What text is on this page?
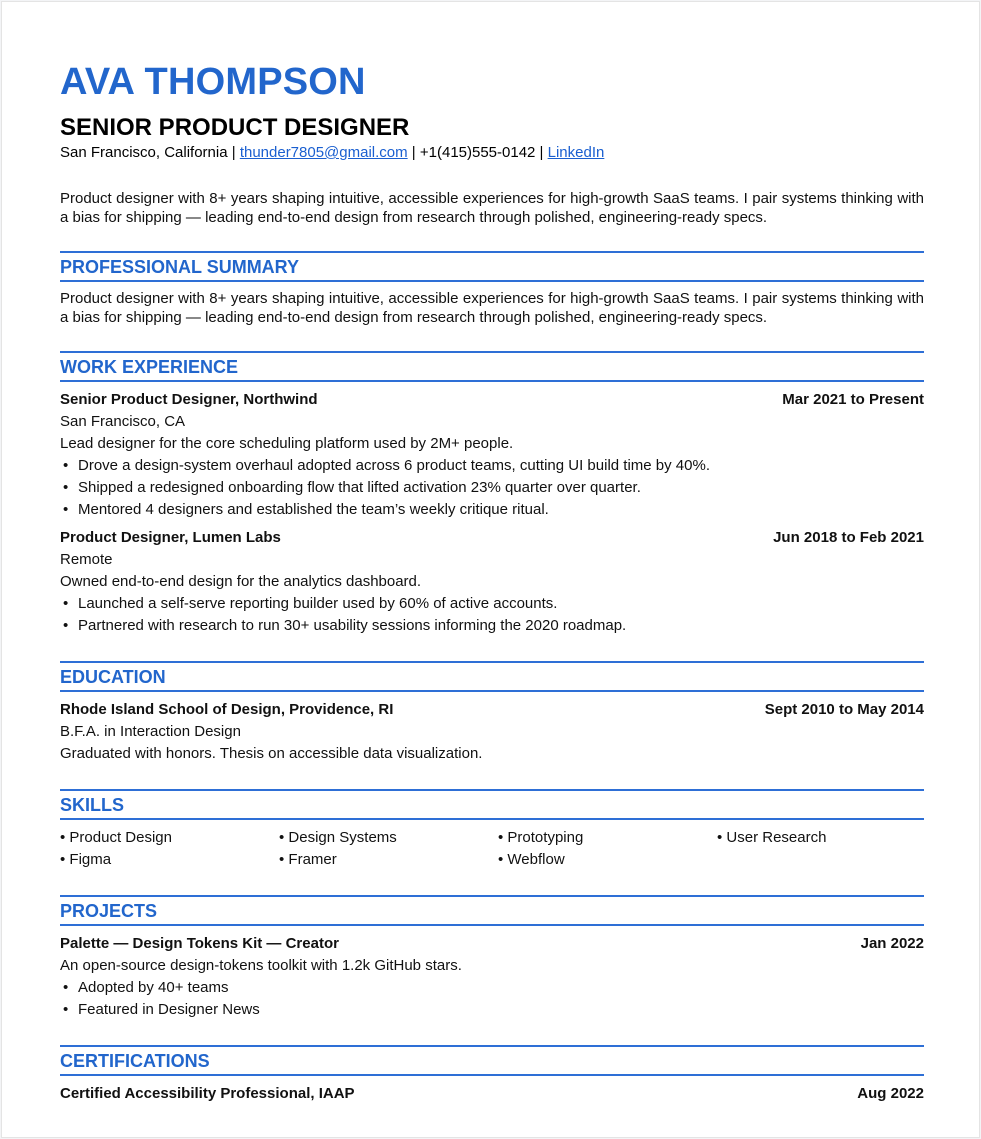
AVA THOMPSON
SENIOR PRODUCT DESIGNER
San Francisco, California | thunder7805@gmail.com | +1(415)555-0142 | LinkedIn
Product designer with 8+ years shaping intuitive, accessible experiences for high-growth SaaS teams. I pair systems thinking with a bias for shipping — leading end-to-end design from research through polished, engineering-ready specs.
PROFESSIONAL SUMMARY
Product designer with 8+ years shaping intuitive, accessible experiences for high-growth SaaS teams. I pair systems thinking with a bias for shipping — leading end-to-end design from research through polished, engineering-ready specs.
WORK EXPERIENCE
Senior Product Designer, Northwind	Mar 2021 to Present
San Francisco, CA
Lead designer for the core scheduling platform used by 2M+ people.
• Drove a design-system overhaul adopted across 6 product teams, cutting UI build time by 40%.
• Shipped a redesigned onboarding flow that lifted activation 23% quarter over quarter.
• Mentored 4 designers and established the team’s weekly critique ritual.
Product Designer, Lumen Labs	Jun 2018 to Feb 2021
Remote
Owned end-to-end design for the analytics dashboard.
• Launched a self-serve reporting builder used by 60% of active accounts.
• Partnered with research to run 30+ usability sessions informing the 2020 roadmap.
EDUCATION
Rhode Island School of Design, Providence, RI	Sept 2010 to May 2014
B.F.A. in Interaction Design
Graduated with honors. Thesis on accessible data visualization.
SKILLS
• Product Design	• Design Systems	• Prototyping	• User Research
• Figma	• Framer	• Webflow
PROJECTS
Palette — Design Tokens Kit — Creator	Jan 2022
An open-source design-tokens toolkit with 1.2k GitHub stars.
• Adopted by 40+ teams
• Featured in Designer News
CERTIFICATIONS
Certified Accessibility Professional, IAAP	Aug 2022
